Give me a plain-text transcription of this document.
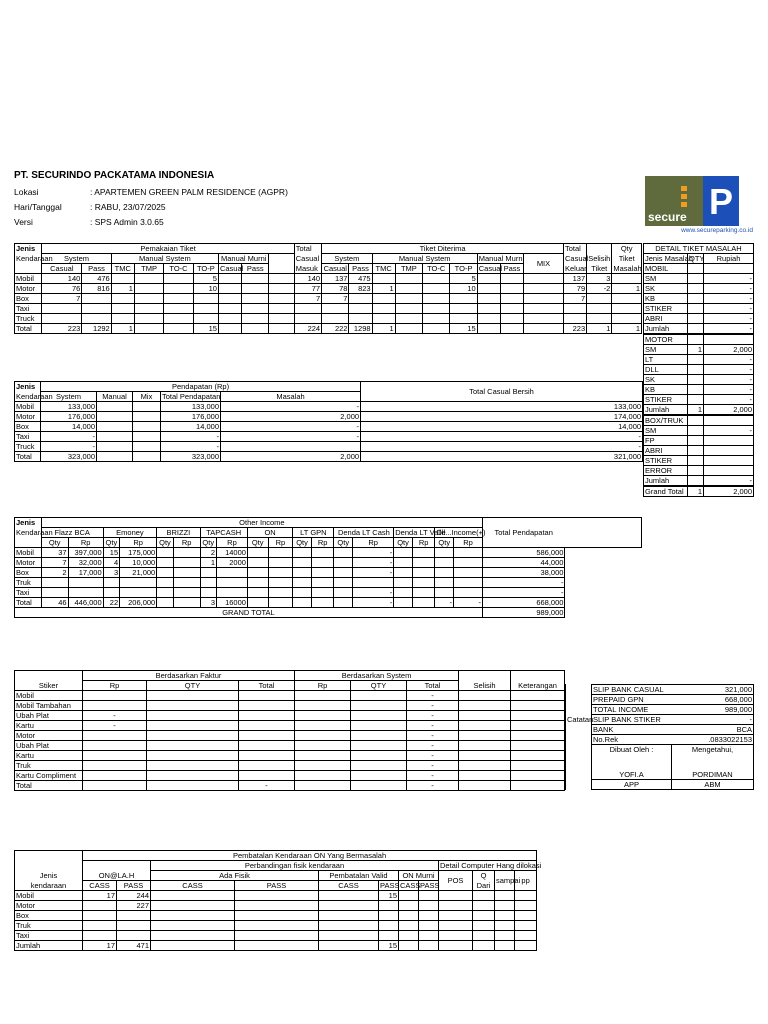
PT. SECURINDO PACKATAMA INDONESIA
Lokasi	: APARTEMEN GREEN PALM RESIDENCE (AGPR)
Hari/Tanggal	: RABU, 23/07/2025
Versi	: SPS Admin 3.0.65	secure P
www.secureparking.co.id
Jenis	Pemakaian Tiket									Total	Tiket Diterima									Total		Qty
Kendaraan	System		Manual System				Manual Murni			Casual	System		Manual System				Manual Murni		MIX	Casual	Selisih	Tiket
	Casual	Pass	TMC	TMP	TO-C	TO-P	Casual	Pass		Masuk	Casual	Pass	TMC	TMP	TO-C	TO-P	Casual	Pass		Keluar	Tiket	Masalah
Mobil	140	476				5				140	137	475				5				137	3	
Motor	76	816	1			10				77	78	823	1			10				79	-2	1
Box	7									7	7									7		
Taxi																						
Truck																						
Total	223	1292	1			15				224	222	1298	1			15				223	1	1
DETAIL TIKET MASALAH		
Jenis Masalah	QTY	Rupiah
MOBIL		
SM		-
SK		-
KB		-
STIKER		-
ABRI		-
Jumlah		-

MOTOR		
SM	1	2,000
LT		-
DLL		-
SK		-
KB		-
STIKER		-
Jumlah	1	2,000

BOX/TRUK		
SM		-
FP		
ABRI		
STIKER		
ERROR		
Jumlah		-

Grand Total	1	2,000
Jenis	Pendapatan (Rp)					Total Casual Bersih
Kendaraan	System	Manual	Mix	Total Pendapatan	Masalah	
Mobil	133,000			133,000	-	133,000
Motor	176,000			176,000	2,000	174,000
Box	14,000			14,000	-	14,000
Taxi	-			-	-	-
Truck	-			-		-
Total	323,000			323,000	2,000	321,000
Jenis	Other Income																		Total Pendapatan	
Kendaraan	Flazz BCA		Emoney		BRIZZI		TAPCASH		ON		LT GPN		Denda LT Cash		Denda LT Valle		Dll...Income(+)			
	Qty	Rp	Qty	Rp	Qty	Rp	Qty	Rp	Qty	Rp	Qty	Rp	Qty	Rp	Qty	Rp	Qty	Rp		
Mobil	37	397,000	15	175,000			2	14000						-					586,000	
Motor	7	32,000	4	10,000			1	2000						-					44,000	
Box	2	17,000	3	21,000										-					38,000	
Truk																			-	
Taxi														-					-	
Total	46	446,000	22	206,000			3	16000						-			-	-	668,000	
GRAND TOTAL																			989,000	
	Berdasarkan Faktur			Berdasarkan System				
Stiker	Rp	QTY	Total	Rp	QTY	Total	Selisih	Keterangan
Mobil						-		
Mobil Tambahan						-		
Ubah Plat	-					-		
Kartu	-					-		
Motor						-		
Ubah Plat						-		
Kartu						-		
Truk						-		
Kartu Compliment						-		
Total			-			-		
	SLIP BANK CASUAL	321,000
	PREPAID GPN	668,000
	TOTAL INCOME	989,000
Catatan	SLIP BANK STIKER	-
	BANK	BCA
	No.Rek	.0833022153
	Dibuat Oleh :	Mengetahui,

	YOFI.A	PORDIMAN
	APP	ABM
	Pembatalan Kendaraan ON Yang Bermasalah											
			Perbandingan fisik kendaraan						Detail Computer Hang dilokasi			
Jenis	ON@LA.H		Ada Fisik		Pembatalan Valid		ON Murni		POS	Q	sampai	pp
kendaraan	CASS	PASS	CASS	PASS	CASS	PASS	CASS	PASS		Dari		
Mobil	17	244				15						
Motor		227										
Box												
Truk												
Taxi												
Jumlah	17	471				15						
